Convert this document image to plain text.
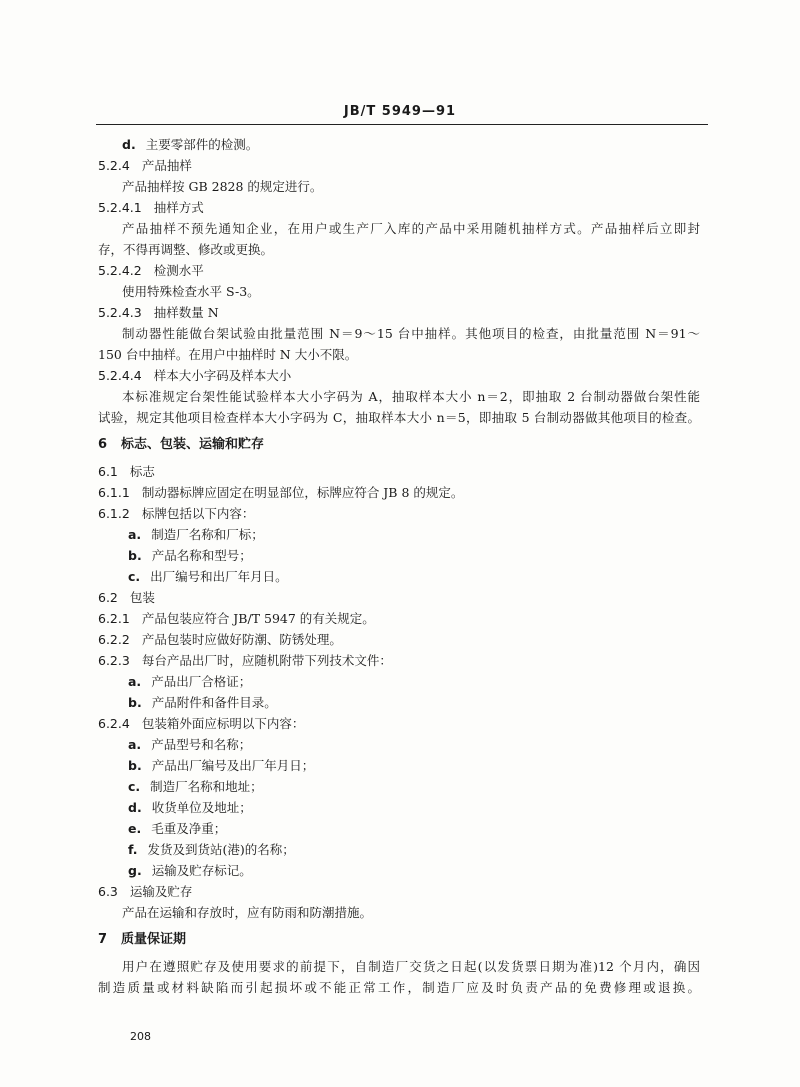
JB/T 5949—91
d. 主要零部件的检测。
5.2.4 产品抽样
产品抽样按 GB 2828 的规定进行。
5.2.4.1 抽样方式
产品抽样不预先通知企业，在用户或生产厂入库的产品中采用随机抽样方式。产品抽样后立即封
存，不得再调整、修改或更换。
5.2.4.2 检测水平
使用特殊检查水平 S-3。
5.2.4.3 抽样数量 N
制动器性能做台架试验由批量范围 N＝9～15 台中抽样。其他项目的检查，由批量范围 N＝91～
150 台中抽样。在用户中抽样时 N 大小不限。
5.2.4.4 样本大小字码及样本大小
本标准规定台架性能试验样本大小字码为 A，抽取样本大小 n＝2，即抽取 2 台制动器做台架性能
试验，规定其他项目检查样本大小字码为 C，抽取样本大小 n＝5，即抽取 5 台制动器做其他项目的检查。
6 标志、包装、运输和贮存
6.1 标志
6.1.1 制动器标牌应固定在明显部位，标牌应符合 JB 8 的规定。
6.1.2 标牌包括以下内容：
a. 制造厂名称和厂标；
b. 产品名称和型号；
c. 出厂编号和出厂年月日。
6.2 包装
6.2.1 产品包装应符合 JB/T 5947 的有关规定。
6.2.2 产品包装时应做好防潮、防锈处理。
6.2.3 每台产品出厂时，应随机附带下列技术文件：
a. 产品出厂合格证；
b. 产品附件和备件目录。
6.2.4 包装箱外面应标明以下内容：
a. 产品型号和名称；
b. 产品出厂编号及出厂年月日；
c. 制造厂名称和地址；
d. 收货单位及地址；
e. 毛重及净重；
f. 发货及到货站(港)的名称；
g. 运输及贮存标记。
6.3 运输及贮存
产品在运输和存放时，应有防雨和防潮措施。
7 质量保证期
用户在遵照贮存及使用要求的前提下，自制造厂交货之日起(以发货票日期为准)12 个月内，确因
制造质量或材料缺陷而引起损坏或不能正常工作，制造厂应及时负责产品的免费修理或退换。
208
